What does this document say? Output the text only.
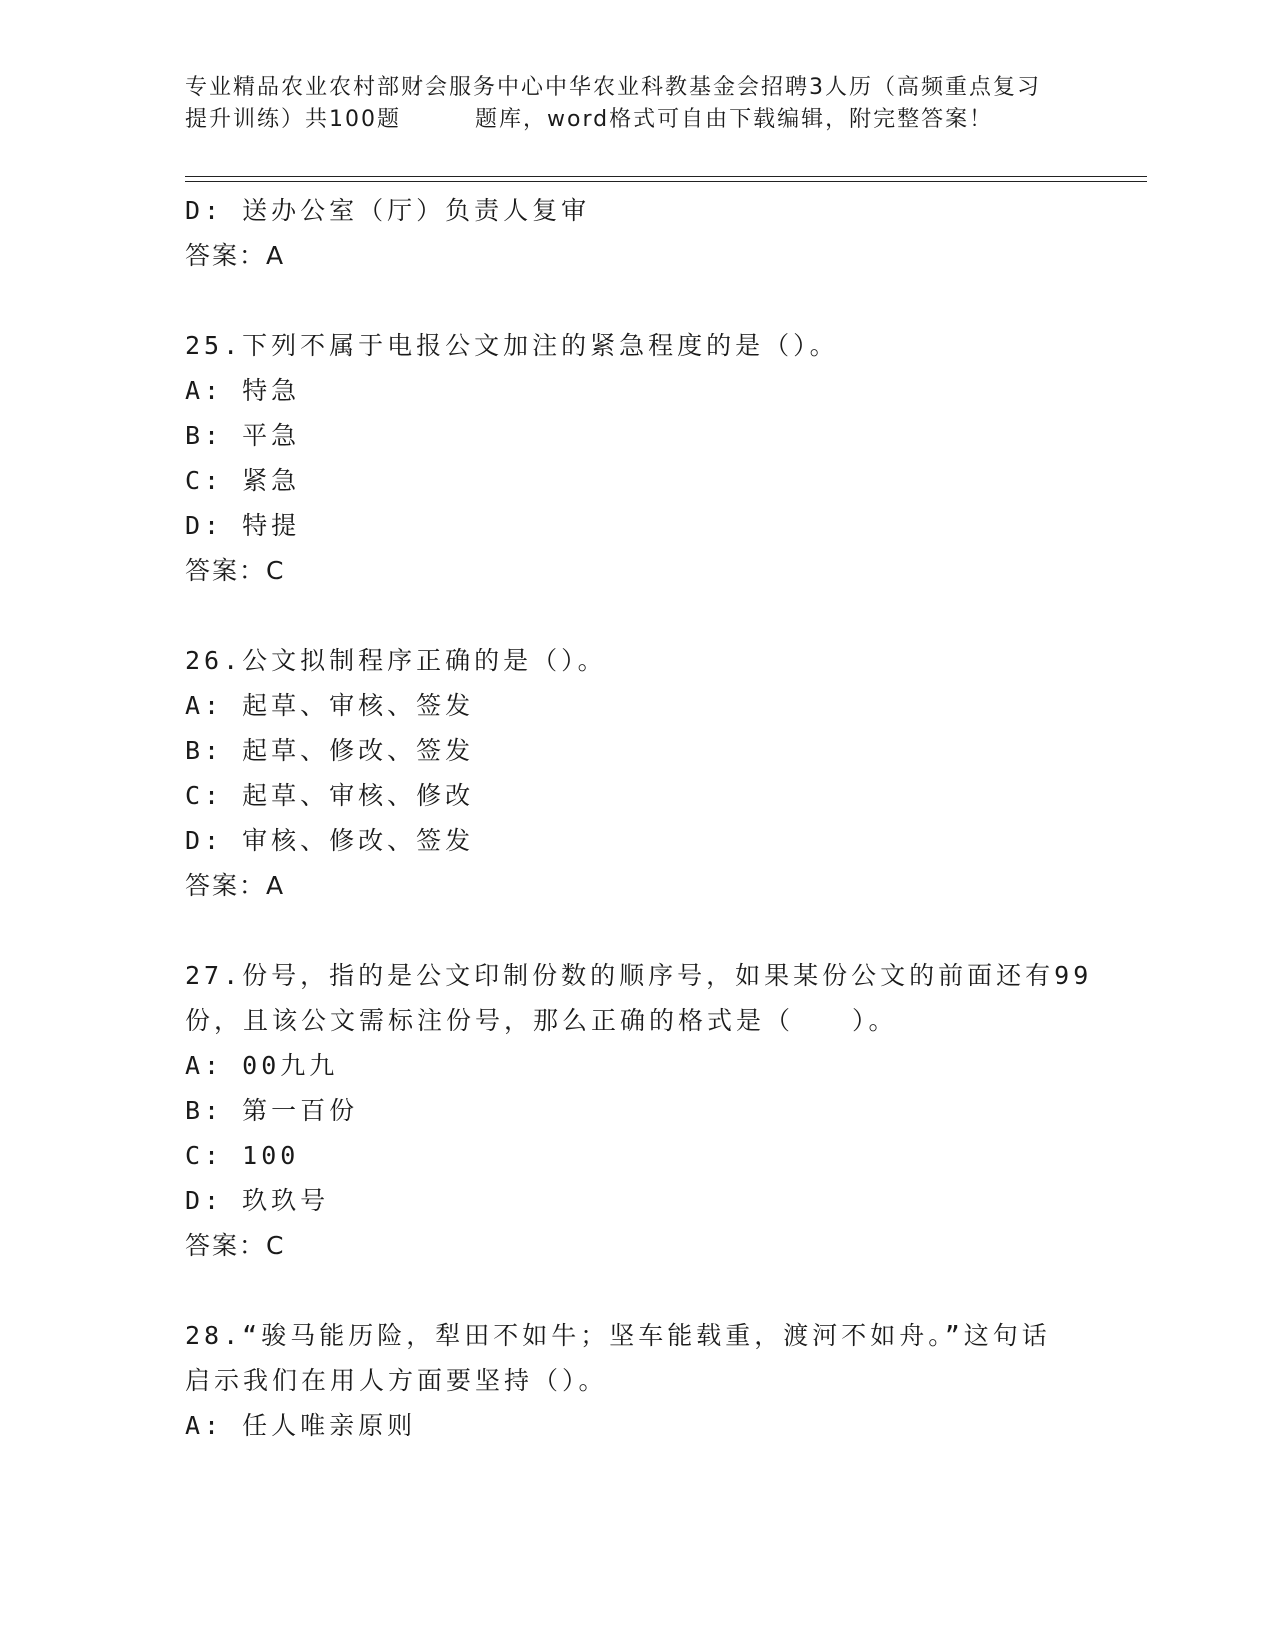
专业精品农业农村部财会服务中心中华农业科教基金会招聘3人历（高频重点复习
提升训练）共100题	题库，word格式可自由下载编辑，附完整答案！
D: 送办公室（厅）负责人复审
答案：A
25.下列不属于电报公文加注的紧急程度的是（）。
A: 特急
B: 平急
C: 紧急
D: 特提
答案：C
26.公文拟制程序正确的是（）。
A: 起草、审核、签发
B: 起草、修改、签发
C: 起草、审核、修改
D: 审核、修改、签发
答案：A
27.份号，指的是公文印制份数的顺序号，如果某份公文的前面还有99
份，且该公文需标注份号，那么正确的格式是（　　）。
A: 00九九
B: 第一百份
C: 100
D: 玖玖号
答案：C
28.“骏马能历险，犁田不如牛；坚车能载重，渡河不如舟。”这句话
启示我们在用人方面要坚持（）。
A: 任人唯亲原则
